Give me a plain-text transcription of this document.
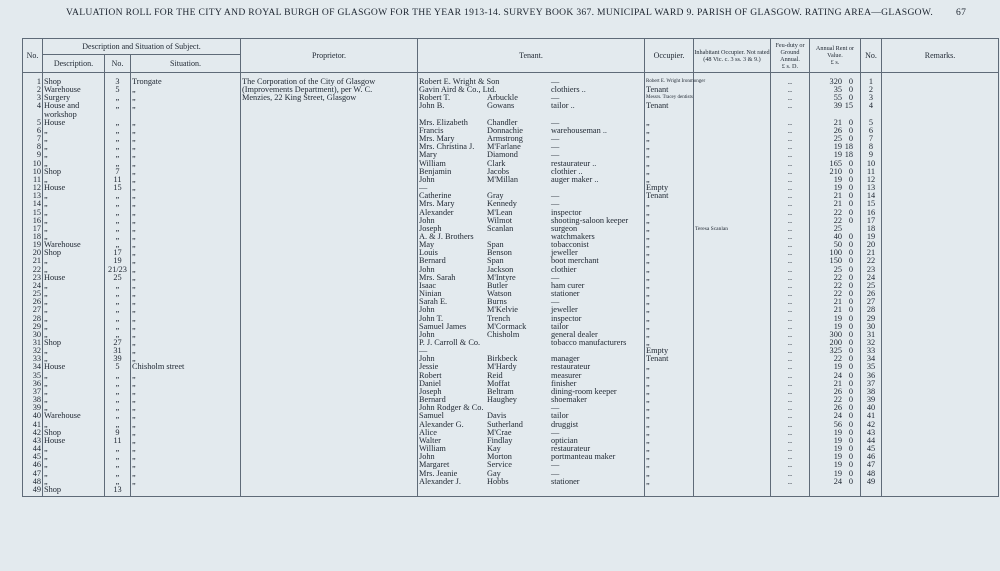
VALUATION ROLL FOR THE CITY AND ROYAL BURGH OF GLASGOW FOR THE YEAR 1913-14. SURVEY BOOK 367. MUNICIPAL WARD 9. PARISH OF GLASGOW. RATING AREA—GLASGOW. 67
No.	Description and Situation of Subject.			Proprietor.	Tenant.	Occupier.	Inhabitant Occupier. Not rated (48 Vic. c. 3 ss. 3 & 9.)	Feu-duty or Ground Annual.
£ s. D.	Annual Rent or Value.
£ s.	No.	Remarks.
	Description.	No.	Situation.								
1	Shop	3	Trongate	The Corporation of the City of Glasgow	Robert E. Wright & Son —	Robert E. Wright Ironmonger		..	320 0	1	
2	Warehouse	5	„	(Improvements Department), per W. C.	Gavin Aird & Co., Ltd. clothiers ..	Tenant		..	35 0	2	
3	Surgery	„	„	Menzies, 22 King Street, Glasgow	Robert T. Arbuckle —	Messrs. Tracey dentists		..	55 0	3	
4	House and	„	„		John B. Gowans tailor ..	Tenant		..	39 15	4	
	workshop										
5	House	„	„		Mrs. Elizabeth Chandler —	„		..	21 0	5	
6	„	„	„		Francis Donnachie warehouseman ..	„		..	26 0	6	
7	„	„	„		Mrs. Mary Armstrong —	„		..	25 0	7	
8	„	„	„		Mrs. Christina J. M'Farlane —	„		..	19 18	8	
9	„	„	„		Mary Diamond —	„		..	19 18	9	
10	„	„	„		William Clark restaurateur ..	„		..	165 0	10	
10	Shop	7	„		Benjamin Jacobs clothier ..	„		..	210 0	11	
11	„	11	„		John M'Millan auger maker ..	„		..	19 0	12	
12	House	15	„		—	Empty		..	19 0	13	
13	„	„	„		Catherine Gray —	Tenant		..	21 0	14	
14	„	„	„		Mrs. Mary Kennedy —	„		..	21 0	15	
15	„	„	„		Alexander M'Lean inspector	„		..	22 0	16	
16	„	„	„		John Wilmot shooting-saloon keeper	„		..	22 0	17	
17	„	„	„		Joseph Scanlan surgeon	„	Teresa Scanlan	..	25	18	
18	„	„	„		A. & J. Brothers watchmakers	„		..	40 0	19	
19	Warehouse	„	„		May Span tobacconist	„		..	50 0	20	
20	Shop	17	„		Louis Benson jeweller	„		..	100 0	21	
21	„	19	„		Bernard Span boot merchant	„		..	150 0	22	
22	„	21/23	„		John Jackson clothier	„		..	25 0	23	
23	House	25	„		Mrs. Sarah M'Intyre —	„		..	22 0	24	
24	„	„	„		Isaac Butler ham curer	„		..	22 0	25	
25	„	„	„		Ninian Watson stationer	„		..	22 0	26	
26	„	„	„		Sarah E. Burns —	„		..	21 0	27	
27	„	„	„		John M'Kelvie jeweller	„		..	21 0	28	
28	„	„	„		John T. Trench inspector	„		..	19 0	29	
29	„	„	„		Samuel James M'Cormack tailor	„		..	19 0	30	
30	„	„	„		John Chisholm general dealer	„		..	300 0	31	
31	Shop	27	„		P. J. Carroll & Co. tobacco manufacturers	„		..	200 0	32	
32	„	31	„		—	Empty		..	325 0	33	
33	„	39	„		John Birkbeck manager	Tenant		..	22 0	34	
34	House	5	Chisholm street		Jessie M'Hardy restaurateur	„		..	19 0	35	
35	„	„	„		Robert Reid measurer	„		..	24 0	36	
36	„	„	„		Daniel Moffat finisher	„		..	21 0	37	
37	„	„	„		Joseph Beltram dining-room keeper	„		..	26 0	38	
38	„	„	„		Bernard Haughey shoemaker	„		..	22 0	39	
39	„	„	„		John Rodger & Co. —	„		..	26 0	40	
40	Warehouse	„	„		Samuel Davis tailor	„		..	24 0	41	
41	„	„	„		Alexander G. Sutherland druggist	„		..	56 0	42	
42	Shop	9	„		Alice M'Crae —	„		..	19 0	43	
43	House	11	„		Walter Findlay optician	„		..	19 0	44	
44	„	„	„		William Kay restaurateur	„		..	19 0	45	
45	„	„	„		John Morton portmanteau maker	„		..	19 0	46	
46	„	„	„		Margaret Service —	„		..	19 0	47	
47	„	„	„		Mrs. Jeanie Gay —	„		..	19 0	48	
48	„	„	„		Alexander J. Hobbs stationer	„		..	24 0	49	
49	Shop	13									
